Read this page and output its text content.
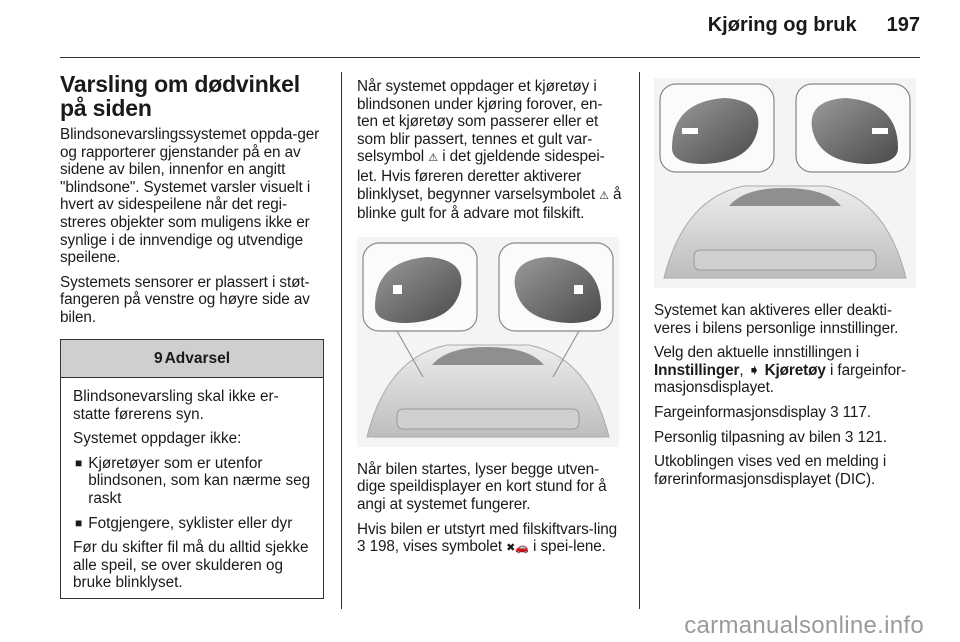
Kjøring og bruk 197
Varsling om dødvinkel på siden

Blindsonevarslingssystemet oppda-ger og rapporterer gjenstander på en av sidene av bilen, innenfor en angitt "blindsone". Systemet varsler visuelt i hvert av sidespeilene når det regi-streres objekter som muligens ikke er synlige i de innvendige og utvendige speilene.

Systemets sensorer er plassert i støt-fangeren på venstre og høyre side av bilen.

9 Advarsel

Blindsonevarsling skal ikke er-statte førerens syn.

Systemet oppdager ikke:

■ Kjøretøyer som er utenfor blindsonen, som kan nærme seg raskt
■ Fotgjengere, syklister eller dyr

Før du skifter fil må du alltid sjekke alle speil, se over skulderen og bruke blinklyset.

Når systemet oppdager et kjøretøy i blindsonen under kjøring forover, en-ten et kjøretøy som passerer eller et som blir passert, tennes et gult var-selsymbol ⚠ i det gjeldende sidespei-let. Hvis føreren deretter aktiverer blinklyset, begynner varselsymbolet ⚠ å blinke gult for å advare mot filskift.

Når bilen startes, lyser begge utven-dige speildisplayer en kort stund for å angi at systemet fungerer.

Hvis bilen er utstyrt med filskiftvars-ling 3 198, vises symbolet ✖🚗 i spei-lene.

Systemet kan aktiveres eller deakti-veres i bilens personlige innstillinger.

Velg den aktuelle innstillingen i Innstillinger, ➧ Kjøretøy i fargeinfor-masjonsdisplayet.

Fargeinformasjonsdisplay 3 117.

Personlig tilpasning av bilen 3 121.

Utkoblingen vises ved en melding i førerinformasjonsdisplayet (DIC).

carmanualsonline.info
